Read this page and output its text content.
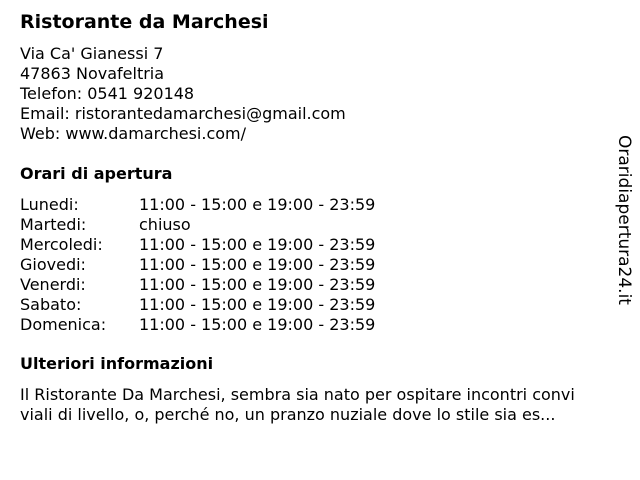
Ristorante da Marchesi
Via Ca' Gianessi 7
47863 Novafeltria
Telefon: 0541 920148
Email: ristorantedamarchesi@gmail.com
Web: www.damarchesi.com/
Orari di apertura
Lunedi:	11:00 - 15:00 e 19:00 - 23:59
Martedi:	chiuso
Mercoledi: 11:00 - 15:00 e 19:00 - 23:59
Giovedi:	11:00 - 15:00 e 19:00 - 23:59
Venerdi:	11:00 - 15:00 e 19:00 - 23:59
Sabato:	11:00 - 15:00 e 19:00 - 23:59
Domenica: 11:00 - 15:00 e 19:00 - 23:59
Ulteriori informazioni
Il Ristorante Da Marchesi, sembra sia nato per ospitare incontri convi
viali di livello, o, perché no, un pranzo nuziale dove lo stile sia es...
Oraridiapertura24.it
